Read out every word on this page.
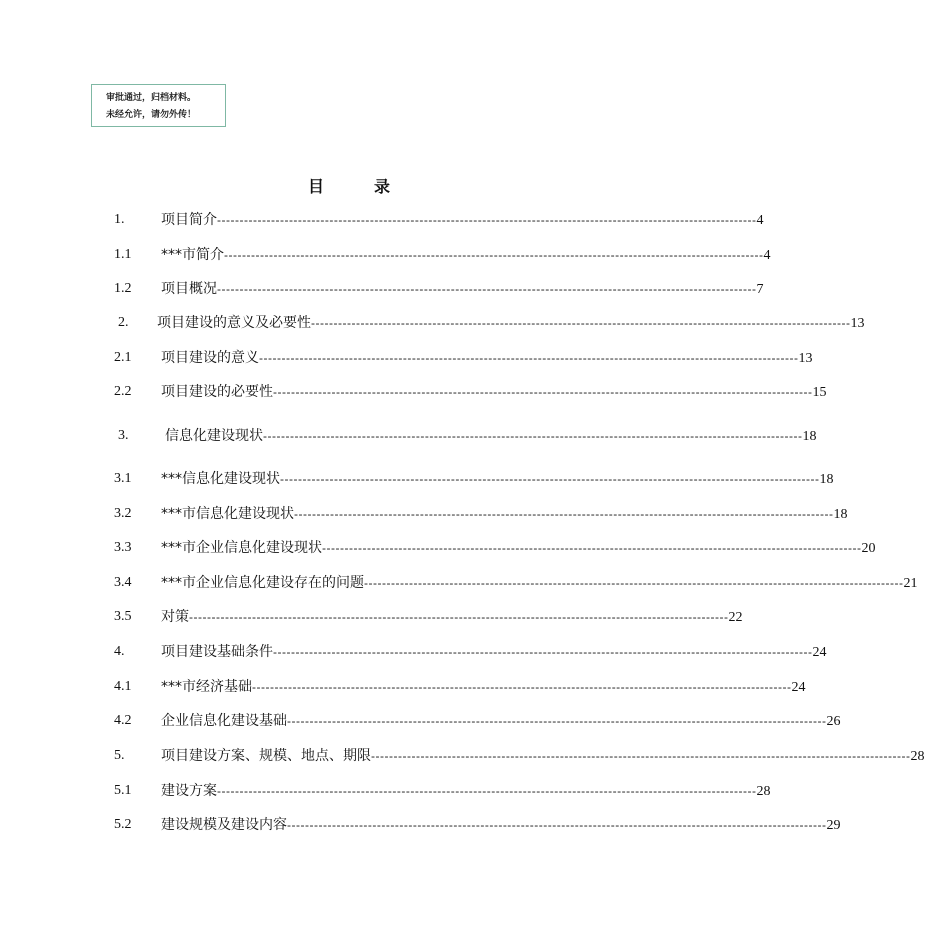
审批通过，归档材料。
未经允许，请勿外传！
目	录
1.	项目简介 ------------------------------------------------------------------------------------------------------------------------ 4
1.1 ***市简介 ------------------------------------------------------------------------------------------------------------------------ 4
1.2 项目概况 ------------------------------------------------------------------------------------------------------------------------ 7
2. 项目建设的意义及必要性 ------------------------------------------------------------------------------------------------------------------------ 13
2.1 项目建设的意义 ------------------------------------------------------------------------------------------------------------------------ 13
2.2 项目建设的必要性 ------------------------------------------------------------------------------------------------------------------------ 15
3.	信息化建设现状 ------------------------------------------------------------------------------------------------------------------------ 18
3.1 ***信息化建设现状 ------------------------------------------------------------------------------------------------------------------------ 18
3.2 ***市信息化建设现状 ------------------------------------------------------------------------------------------------------------------------ 18
3.3 ***市企业信息化建设现状 ------------------------------------------------------------------------------------------------------------------------ 20
3.4 ***市企业信息化建设存在的问题 ------------------------------------------------------------------------------------------------------------------------ 21
3.5 对策 ------------------------------------------------------------------------------------------------------------------------ 22
4.	项目建设基础条件 ------------------------------------------------------------------------------------------------------------------------ 24
4.1 ***市经济基础 ------------------------------------------------------------------------------------------------------------------------ 24
4.2 企业信息化建设基础 ------------------------------------------------------------------------------------------------------------------------ 26
5.	项目建设方案、规模、地点、期限 ------------------------------------------------------------------------------------------------------------------------ 28
5.1 建设方案 ------------------------------------------------------------------------------------------------------------------------ 28
5.2 建设规模及建设内容 ------------------------------------------------------------------------------------------------------------------------ 29
